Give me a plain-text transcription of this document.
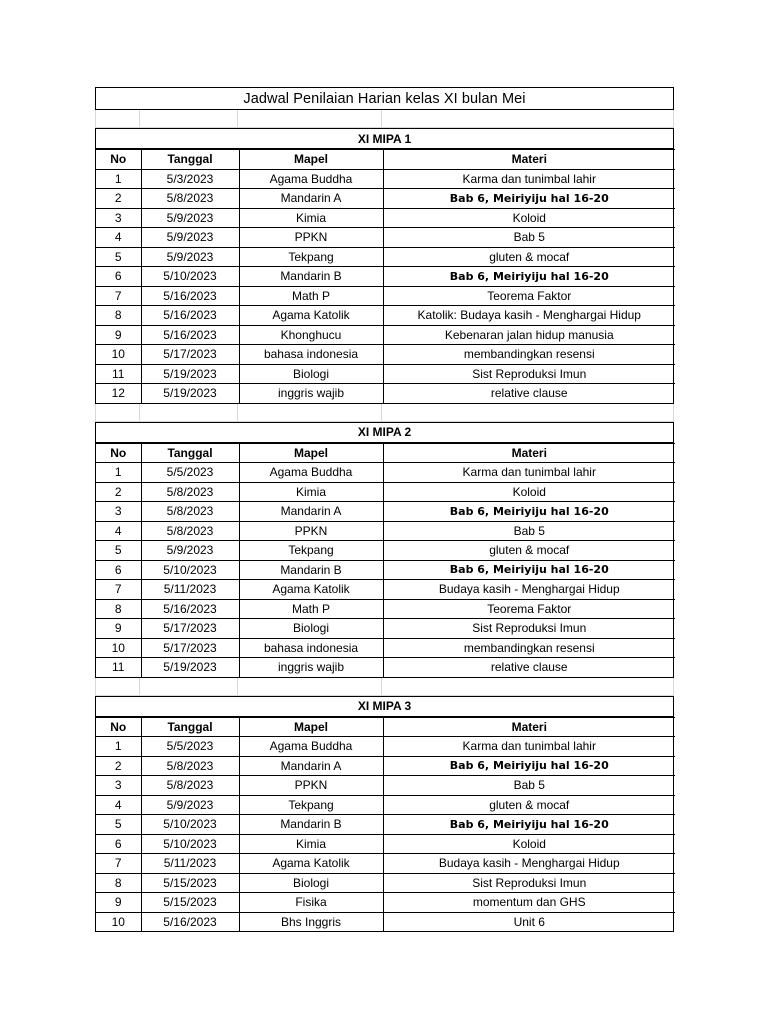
Jadwal Penilaian Harian kelas XI bulan Mei
XI MIPA 1
No	Tanggal	Mapel	Materi
1	5/3/2023	Agama Buddha	Karma dan tunimbal lahir
2	5/8/2023	Mandarin A	Bab 6, Meiriyiju hal 16-20
3	5/9/2023	Kimia	Koloid
4	5/9/2023	PPKN	Bab 5
5	5/9/2023	Tekpang	gluten & mocaf
6	5/10/2023	Mandarin B	Bab 6, Meiriyiju hal 16-20
7	5/16/2023	Math P	Teorema Faktor
8	5/16/2023	Agama Katolik	Katolik: Budaya kasih - Menghargai Hidup
9	5/16/2023	Khonghucu	Kebenaran jalan hidup manusia
10	5/17/2023	bahasa indonesia	membandingkan resensi
11	5/19/2023	Biologi	Sist Reproduksi Imun
12	5/19/2023	inggris wajib	relative clause
XI MIPA 2
No	Tanggal	Mapel	Materi
1	5/5/2023	Agama Buddha	Karma dan tunimbal lahir
2	5/8/2023	Kimia	Koloid
3	5/8/2023	Mandarin A	Bab 6, Meiriyiju hal 16-20
4	5/8/2023	PPKN	Bab 5
5	5/9/2023	Tekpang	gluten & mocaf
6	5/10/2023	Mandarin B	Bab 6, Meiriyiju hal 16-20
7	5/11/2023	Agama Katolik	Budaya kasih - Menghargai Hidup
8	5/16/2023	Math P	Teorema Faktor
9	5/17/2023	Biologi	Sist Reproduksi Imun
10	5/17/2023	bahasa indonesia	membandingkan resensi
11	5/19/2023	inggris wajib	relative clause
XI MIPA 3
No	Tanggal	Mapel	Materi
1	5/5/2023	Agama Buddha	Karma dan tunimbal lahir
2	5/8/2023	Mandarin A	Bab 6, Meiriyiju hal 16-20
3	5/8/2023	PPKN	Bab 5
4	5/9/2023	Tekpang	gluten & mocaf
5	5/10/2023	Mandarin B	Bab 6, Meiriyiju hal 16-20
6	5/10/2023	Kimia	Koloid
7	5/11/2023	Agama Katolik	Budaya kasih - Menghargai Hidup
8	5/15/2023	Biologi	Sist Reproduksi Imun
9	5/15/2023	Fisika	momentum dan GHS
10	5/16/2023	Bhs Inggris	Unit 6
